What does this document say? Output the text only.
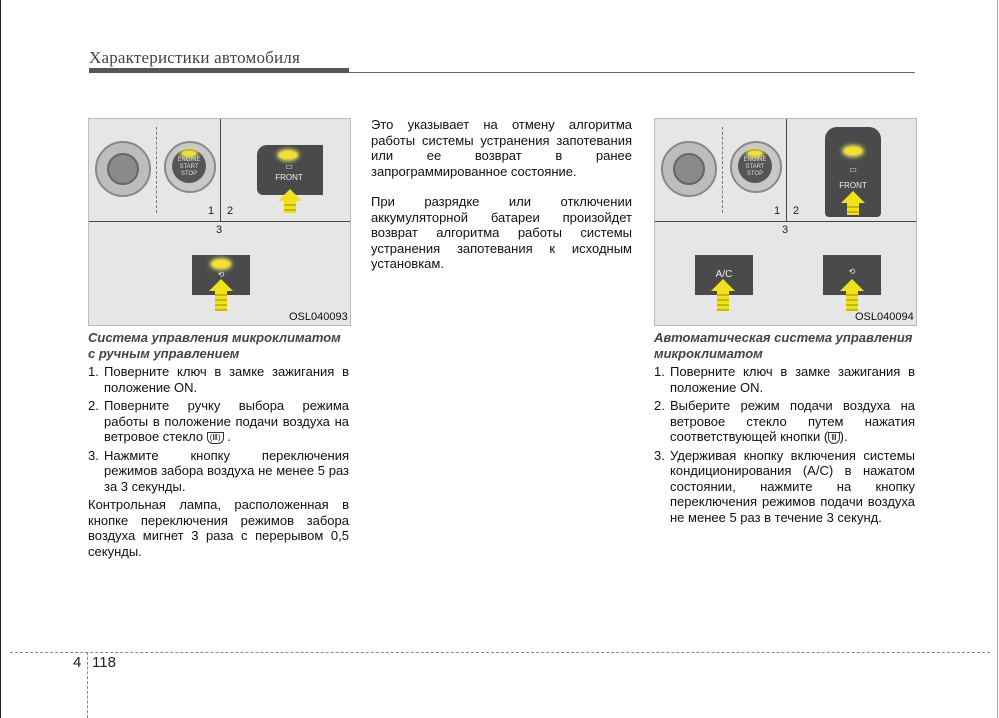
Характеристики автомобиля
ENGINE START STOP
▭
FRONT
1 2
3
⟲
OSL040093
ENGINE START STOP	▭
FRONT
1 2
3
A/C	⟲
OSL040094
Система управления микроклиматом с ручным управлением
1. Поверните ключ в замке зажигания в положение ON.
2. Поверните ручку выбора режима работы в положение подачи воздуха на ветровое стекло (Ⅲ) .
3. Нажмите кнопку переключения режимов забора воздуха не менее 5 раз за 3 секунды.
Контрольная лампа, расположенная в кнопке переключения режимов забора воздуха мигнет 3 раза с перерывом 0,5 секунды.
Это указывает на отмену алгоритма работы системы устранения запотевания или ее возврат в ранее запрограммированное состояние.
При разрядке или отключении аккумуляторной батареи произойдет возврат алгоритма работы системы устранения запотевания к исходным установкам.
Автоматическая система управления микроклиматом
1. Поверните ключ в замке зажигания в положение ON.
2. Выберите режим подачи воздуха на ветровое стекло путем нажатия соответствующей кнопки ( Ⅲ ).
3. Удерживая кнопку включения системы кондиционирования (A/C) в нажатом состоянии, нажмите на кнопку переключения режимов подачи воздуха не менее 5 раз в течение 3 секунд.
4 118
